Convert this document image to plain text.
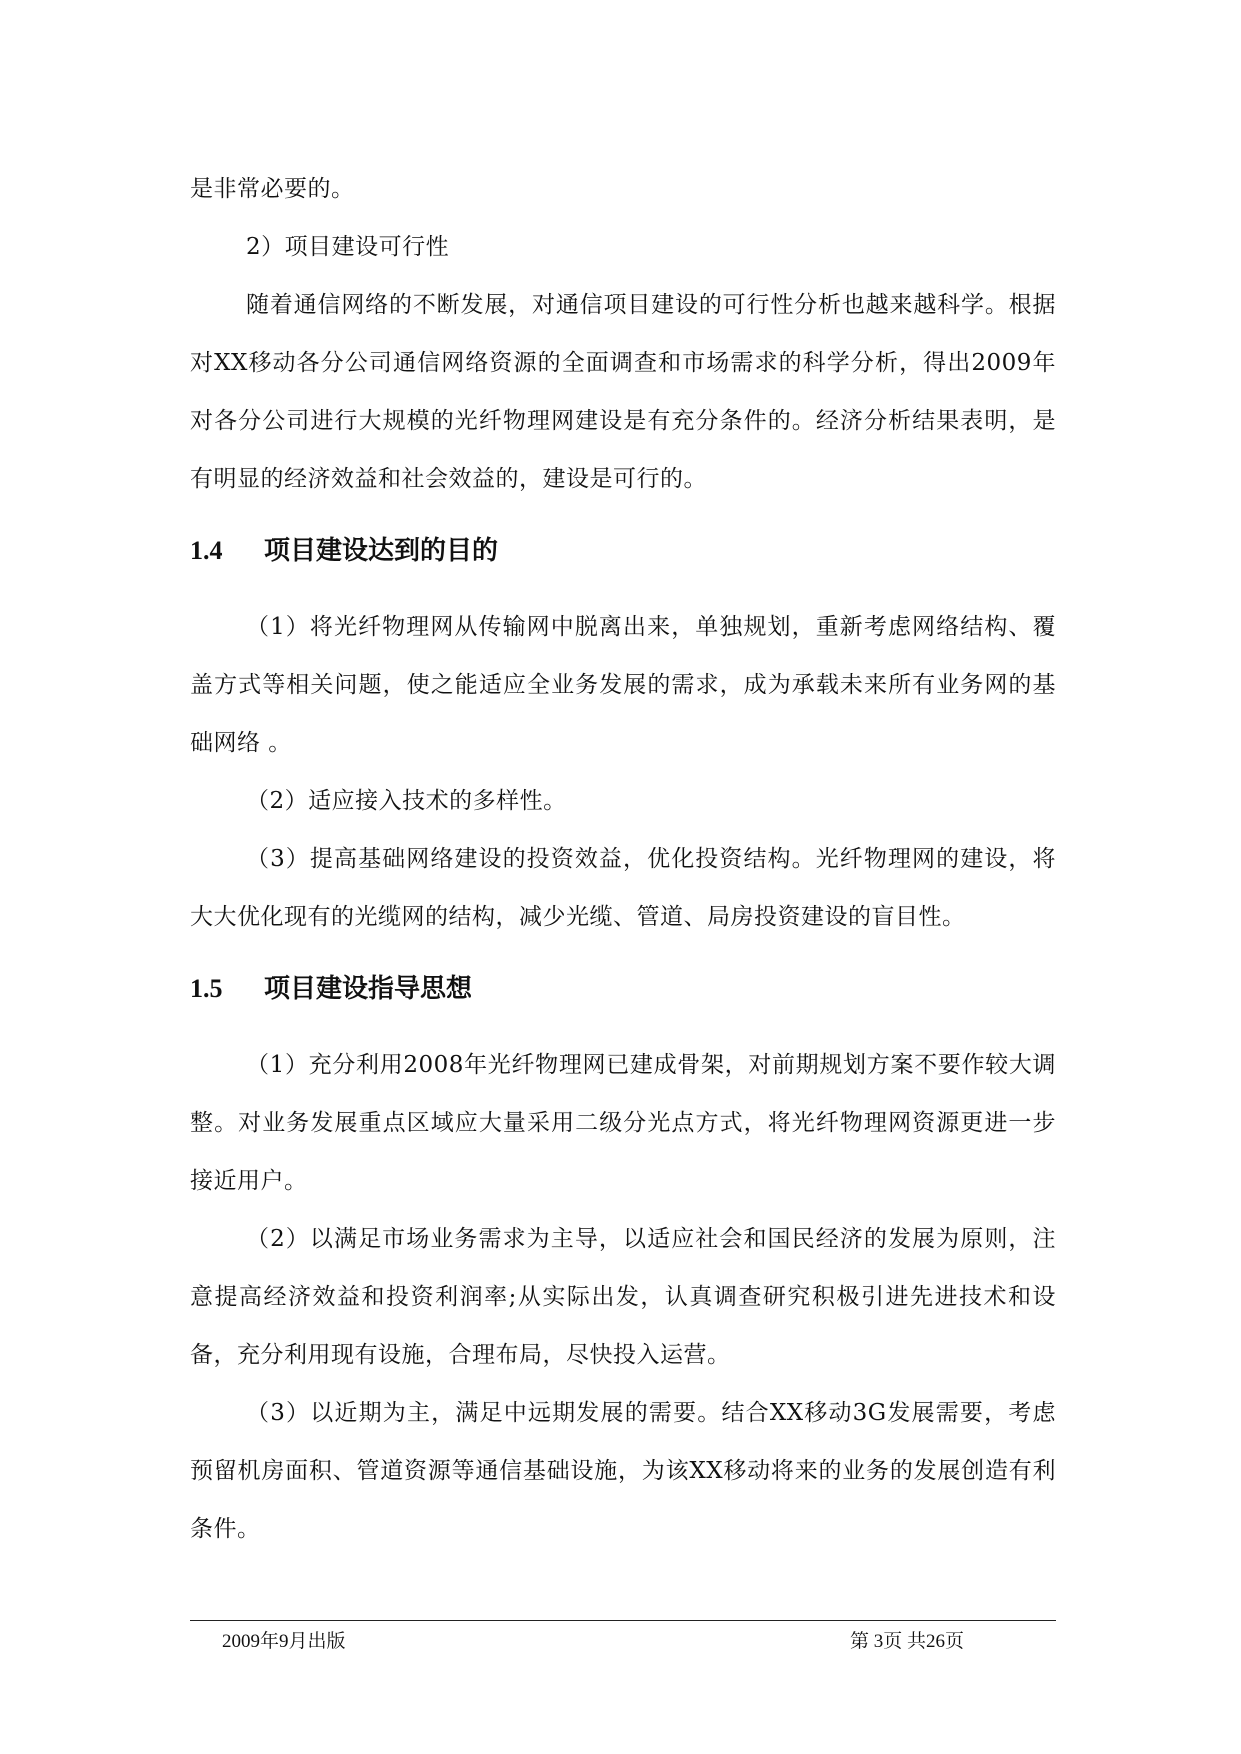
是非常必要的。

2）项目建设可行性

随着通信网络的不断发展，对通信项目建设的可行性分析也越来越科学。根据对XX移动各分公司通信网络资源的全面调查和市场需求的科学分析，得出2009年对各分公司进行大规模的光纤物理网建设是有充分条件的。经济分析结果表明，是有明显的经济效益和社会效益的，建设是可行的。

1.4	项目建设达到的目的

（1）将光纤物理网从传输网中脱离出来，单独规划，重新考虑网络结构、覆盖方式等相关问题，使之能适应全业务发展的需求，成为承载未来所有业务网的基础网络 。

（2）适应接入技术的多样性。

（3）提高基础网络建设的投资效益，优化投资结构。光纤物理网的建设，将大大优化现有的光缆网的结构，减少光缆、管道、局房投资建设的盲目性。

1.5	项目建设指导思想

（1）充分利用2008年光纤物理网已建成骨架，对前期规划方案不要作较大调整。对业务发展重点区域应大量采用二级分光点方式，将光纤物理网资源更进一步接近用户。

（2）以满足市场业务需求为主导，以适应社会和国民经济的发展为原则，注意提高经济效益和投资利润率;从实际出发，认真调查研究积极引进先进技术和设备，充分利用现有设施，合理布局，尽快投入运营。

（3）以近期为主，满足中远期发展的需要。结合XX移动3G发展需要，考虑预留机房面积、管道资源等通信基础设施，为该XX移动将来的业务的发展创造有利条件。

2009年9月出版	第 3页 共26页
